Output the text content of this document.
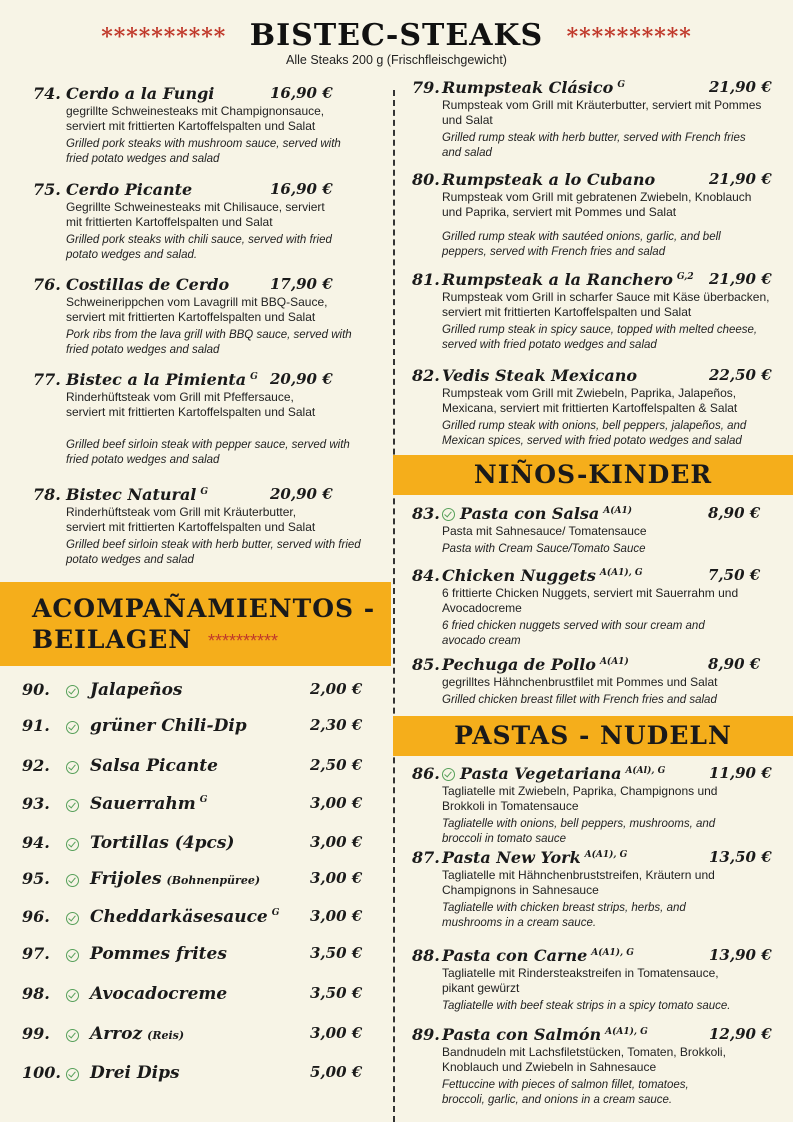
********** BISTEC-STEAKS **********
Alle Steaks 200 g (Frischfleischgewicht)
74. Cerdo a la Fungi	16,90 €
gegrillte Schweinesteaks mit Champignonsauce, serviert mit frittierten Kartoffelspalten und Salat
Grilled pork steaks with mushroom sauce, served with fried potato wedges and salad
75. Cerdo Picante	16,90 €
Gegrillte Schweinesteaks mit Chilisauce, serviert mit frittierten Kartoffelspalten und Salat
Grilled pork steaks with chili sauce, served with fried potato wedges and salad.
76. Costillas de Cerdo	17,90 €
Schweinerippchen vom Lavagrill mit BBQ-Sauce, serviert mit frittierten Kartoffelspalten und Salat
Pork ribs from the lava grill with BBQ sauce, served with fried potato wedges and salad
77. Bistec a la Pimienta $^G$ 20,90 €
Rinderhüftsteak vom Grill mit Pfeffersauce, serviert mit frittierten Kartoffelspalten und Salat
Grilled beef sirloin steak with pepper sauce, served with fried potato wedges and salad
78. Bistec Natural $^G$	20,90 €
Rinderhüftsteak vom Grill mit Kräuterbutter, serviert mit frittierten Kartoffelspalten und Salat
Grilled beef sirloin steak with herb butter, served with fried potato wedges and salad
79. Rumpsteak Clásico $^G$	21,90 €
Rumpsteak vom Grill mit Kräuterbutter, serviert mit Pommes und Salat
Grilled rump steak with herb butter, served with French fries and salad
80. Rumpsteak a lo Cubano	21,90 €
Rumpsteak vom Grill mit gebratenen Zwiebeln, Knoblauch und Paprika, serviert mit Pommes und Salat
Grilled rump steak with sautéed onions, garlic, and bell peppers, served with French fries and salad
81. Rumpsteak a la Ranchero $^{G,2}$ 21,90 €
Rumpsteak vom Grill in scharfer Sauce mit Käse überbacken, serviert mit frittierten Kartoffelspalten und Salat
Grilled rump steak in spicy sauce, topped with melted cheese, served with fried potato wedges and salad
82. Vedis Steak Mexicano	22,50 €
Rumpsteak vom Grill mit Zwiebeln, Paprika, Jalapeños, Mexicana, serviert mit frittierten Kartoffelspalten & Salat
Grilled rump steak with onions, bell peppers, jalapeños, and Mexican spices, served with fried potato wedges and salad
ACOMPAÑAMIENTOS -
BEILAGEN **********
90. Jalapeños	2,00 €
91. grüner Chili-Dip	2,30 €
92. Salsa Picante	2,50 €
93. Sauerrahm $^G$	3,00 €
94. Tortillas (4pcs)	3,00 €
95. Frijoles (Bohnenpüree)	3,00 €
96. Cheddarkäsesauce $^G$ 3,00 €
97. Pommes frites	3,50 €
98. Avocadocreme	3,50 €
99. Arroz (Reis)	3,00 €
100. Drei Dips	5,00 €
NIÑOS-KINDER
83.	Pasta con Salsa $^{A(A1)}$	8,90 €
Pasta mit Sahnesauce/ Tomatensauce
Pasta with Cream Sauce/Tomato Sauce
84. Chicken Nuggets $^{A(A1), G}$	7,50 €
6 frittierte Chicken Nuggets, serviert mit Sauerrahm und Avocadocreme
6 fried chicken nuggets served with sour cream and avocado cream
85. Pechuga de Pollo $^{A(A1)}$	8,90 €
gegrilltes Hähnchenbrustfilet mit Pommes und Salat
Grilled chicken breast fillet with French fries and salad
PASTAS - NUDELN
86.	Pasta Vegetariana $^{A(Al), G}$	11,90 €
Tagliatelle mit Zwiebeln, Paprika, Champignons und Brokkoli in Tomatensauce
Tagliatelle with onions, bell peppers, mushrooms, and broccoli in tomato sauce
87. Pasta New York $^{A(A1), G}$	13,50 €
Tagliatelle mit Hähnchenbruststreifen, Kräutern und Champignons in Sahnesauce
Tagliatelle with chicken breast strips, herbs, and mushrooms in a cream sauce.
88. Pasta con Carne $^{A(A1), G}$	13,90 €
Tagliatelle mit Rindersteakstreifen in Tomatensauce, pikant gewürzt
Tagliatelle with beef steak strips in a spicy tomato sauce.
89. Pasta con Salmón $^{A(A1), G}$	12,90 €
Bandnudeln mit Lachsfiletstücken, Tomaten, Brokkoli, Knoblauch und Zwiebeln in Sahnesauce
Fettuccine with pieces of salmon fillet, tomatoes, broccoli, garlic, and onions in a cream sauce.
